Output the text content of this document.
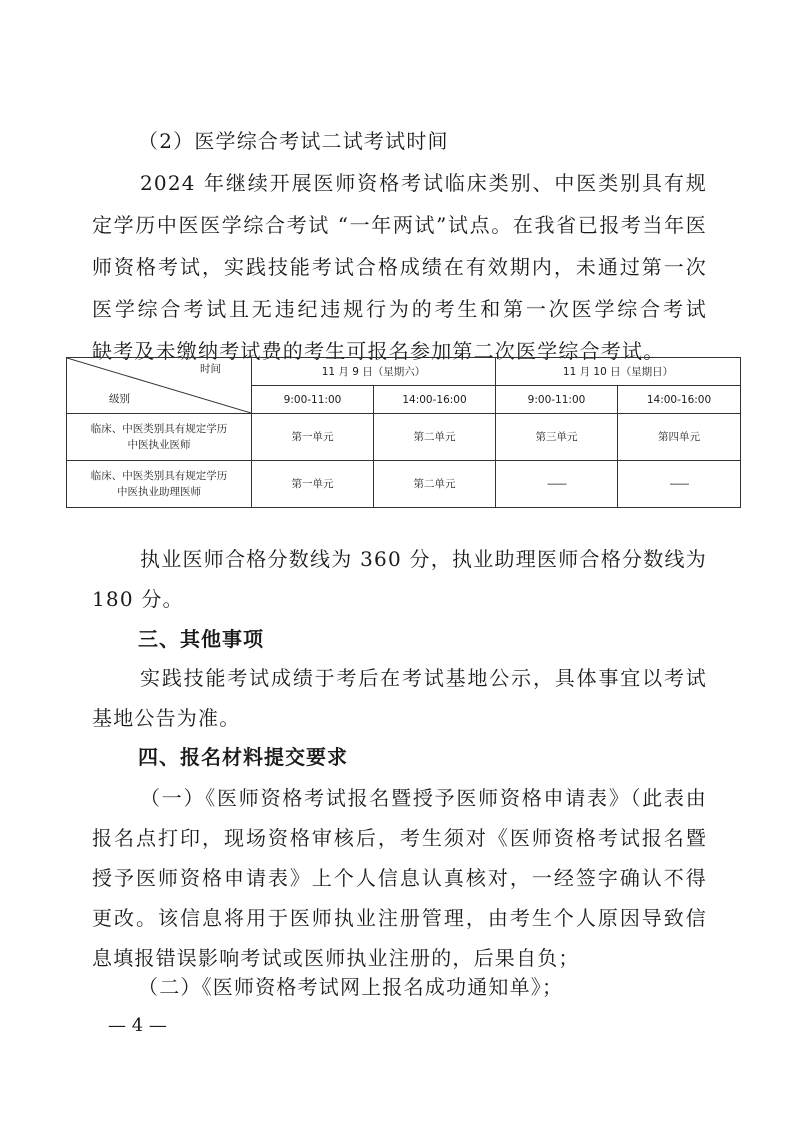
（2）医学综合考试二试考试时间
2024 年继续开展医师资格考试临床类别、中医类别具有规
定学历中医医学综合考试 “一年两试”试点。在我省已报考当年医
师资格考试，实践技能考试合格成绩在有效期内，未通过第一次
医学综合考试且无违纪违规行为的考生和第一次医学综合考试
缺考及未缴纳考试费的考生可报名参加第二次医学综合考试。
时间
级别	11 月 9 日（星期六）		11 月 10 日（星期日）	
	9:00-11:00	14:00-16:00	9:00-11:00	14:00-16:00

临床、中医类别具有规定学历
中医执业医师	第一单元	第二单元	第三单元	第四单元

临床、中医类别具有规定学历
中医执业助理医师	第一单元	第二单元	——	——
执业医师合格分数线为 360 分，执业助理医师合格分数线为
180 分。
三、其他事项
实践技能考试成绩于考后在考试基地公示，具体事宜以考试
基地公告为准。
四、报名材料提交要求
（一）《医师资格考试报名暨授予医师资格申请表》（此表由
报名点打印，现场资格审核后，考生须对《医师资格考试报名暨
授予医师资格申请表》上个人信息认真核对，一经签字确认不得
更改。该信息将用于医师执业注册管理，由考生个人原因导致信
息填报错误影响考试或医师执业注册的，后果自负；
（二）《医师资格考试网上报名成功通知单》；
— 4 —
